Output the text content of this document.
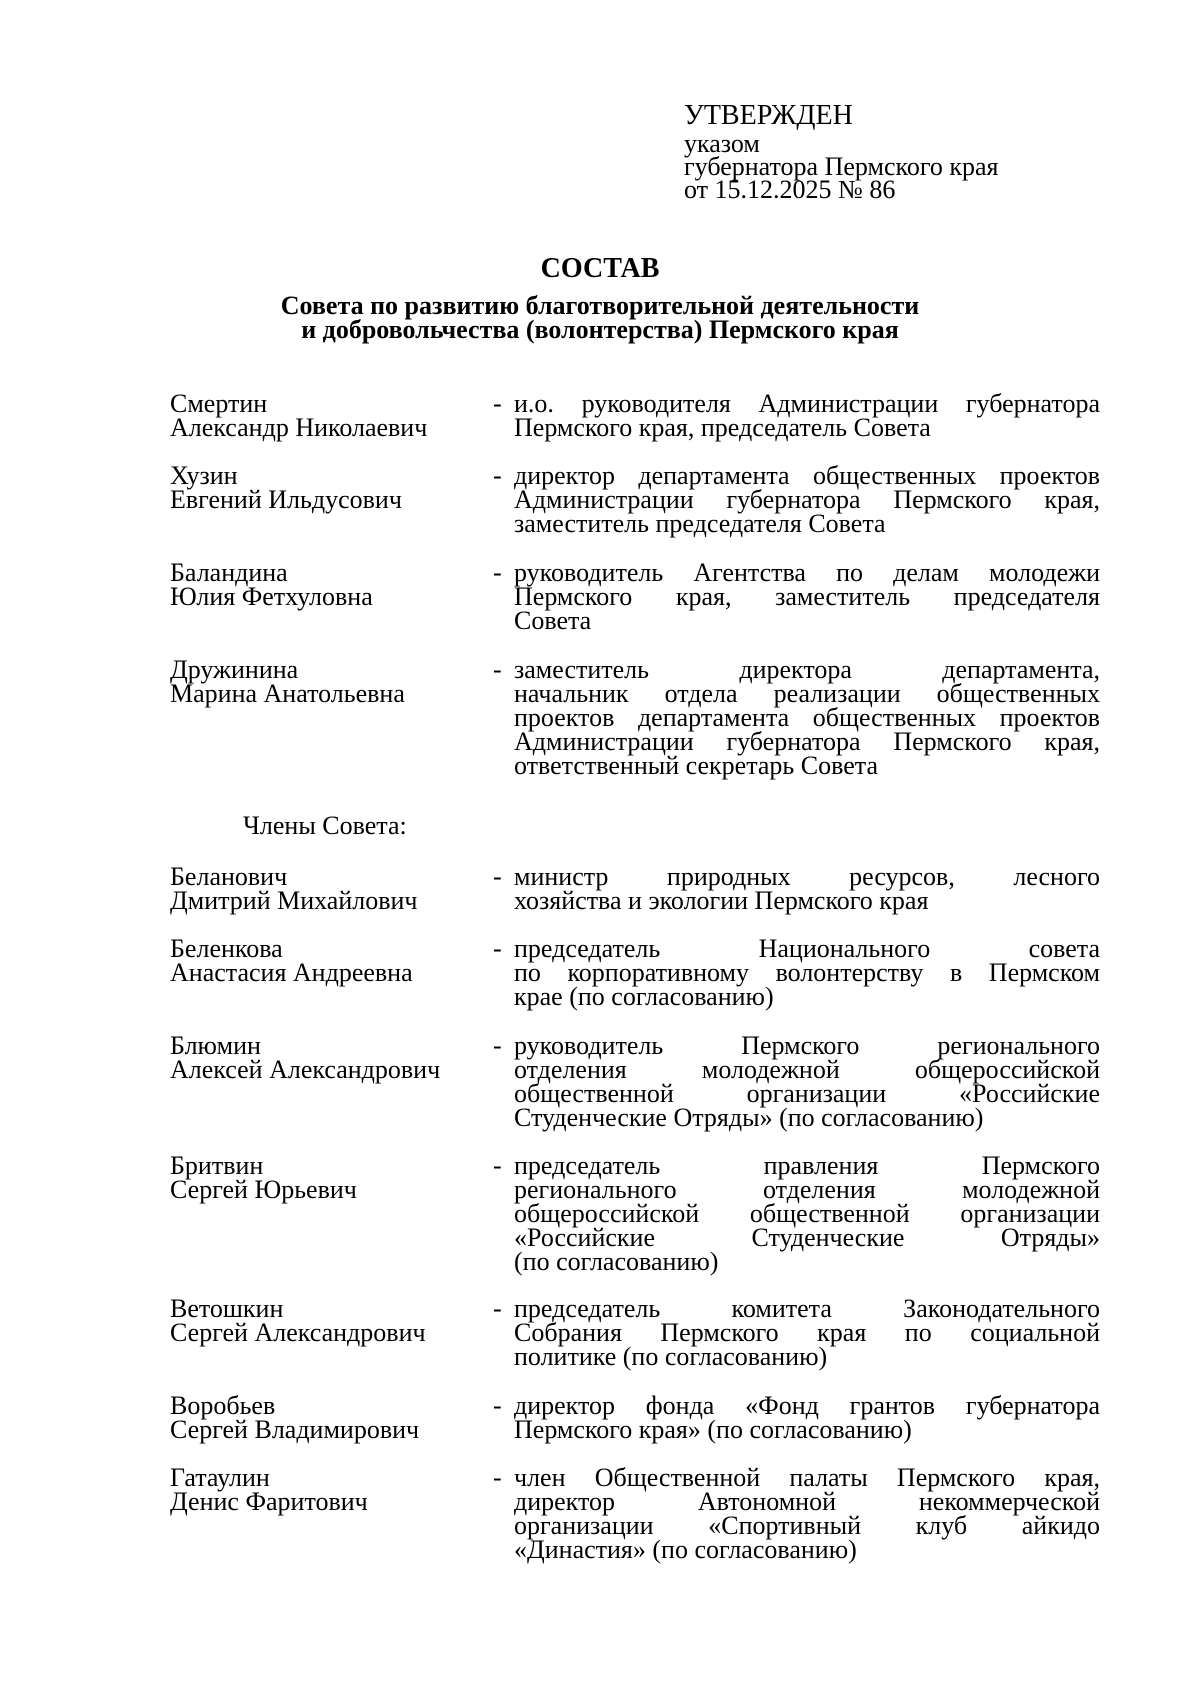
УТВЕРЖДЕН
указом
губернатора Пермского края
от 15.12.2025 № 86
СОСТАВ
Совета по развитию благотворительной деятельности
и добровольчества (волонтерства) Пермского края
Смертин
Александр Николаевич
- и.о. руководителя Администрации губернатора
Пермского края, председатель Совета
Хузин
Евгений Ильдусович
- директор департамента общественных проектов
Администрации губернатора Пермского края,
заместитель председателя Совета
Баландина
Юлия Фетхуловна
- руководитель Агентства по делам молодежи
Пермского края, заместитель председателя
Совета
Дружинина
Марина Анатольевна
- заместитель директора департамента,
начальник отдела реализации общественных
проектов департамента общественных проектов
Администрации губернатора Пермского края,
ответственный секретарь Совета
Члены Совета:
Беланович
Дмитрий Михайлович
- министр природных ресурсов, лесного
хозяйства и экологии Пермского края
Беленкова
Анастасия Андреевна
- председатель Национального совета
по корпоративному волонтерству в Пермском
крае (по согласованию)
Блюмин
Алексей Александрович
- руководитель Пермского регионального
отделения молодежной общероссийской
общественной организации «Российские
Студенческие Отряды» (по согласованию)
Бритвин
Сергей Юрьевич
- председатель правления Пермского
регионального отделения молодежной
общероссийской общественной организации
«Российские Студенческие Отряды»
(по согласованию)
Ветошкин
Сергей Александрович
- председатель комитета Законодательного
Собрания Пермского края по социальной
политике (по согласованию)
Воробьев
Сергей Владимирович
- директор фонда «Фонд грантов губернатора
Пермского края» (по согласованию)
Гатаулин
Денис Фаритович
- член Общественной палаты Пермского края,
директор Автономной некоммерческой
организации «Спортивный клуб айкидо
«Династия» (по согласованию)
